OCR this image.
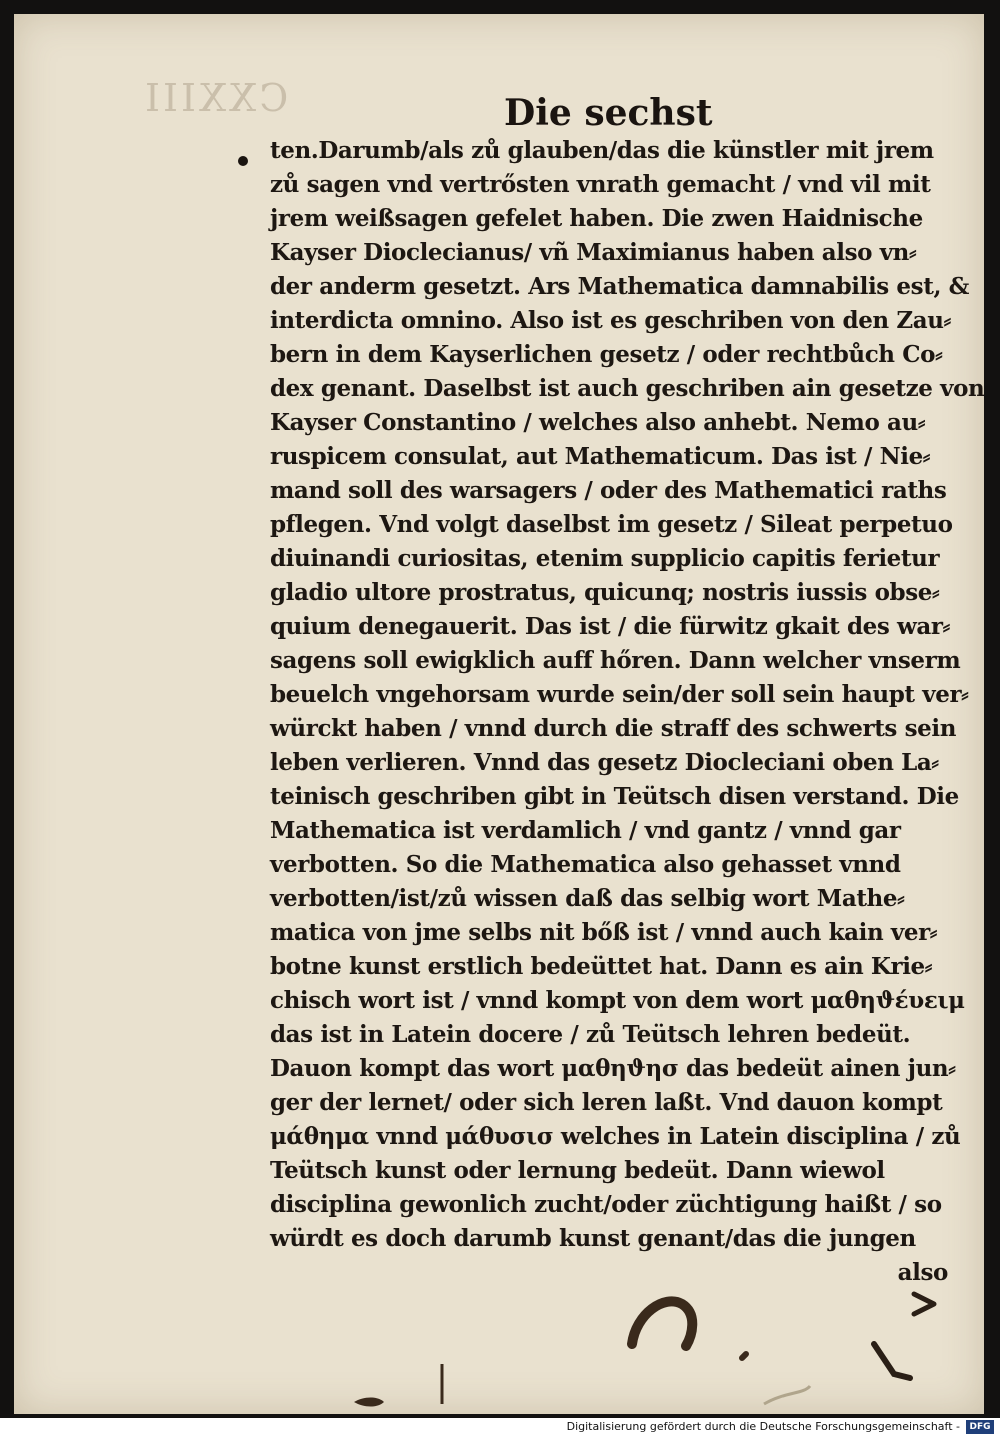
CXXIII	Die sechst
ten.Darumb/als zů glauben/das die künstler mit jrem
zů sagen vnd vertrősten vnrath gemacht / vnd vil mit
jrem weißsagen gefelet haben. Die zwen Haidnische
Kayser Dioclecianus/ vñ Maximianus haben also vn⸗
der anderm gesetzt. Ars Mathematica damnabilis est, &
interdicta omnino. Also ist es geschriben von den Zau⸗
bern in dem Kayserlichen gesetz / oder rechtbůch Co⸗
dex genant. Daselbst ist auch geschriben ain gesetze von
Kayser Constantino / welches also anhebt. Nemo au⸗
ruspicem consulat, aut Mathematicum. Das ist / Nie⸗
mand soll des warsagers / oder des Mathematici raths
pflegen. Vnd volgt daselbst im gesetz / Sileat perpetuo
diuinandi curiositas, etenim supplicio capitis ferietur
gladio ultore prostratus, quicunq; nostris iussis obse⸗
quium denegauerit. Das ist / die fürwitz gkait des war⸗
sagens soll ewigklich auff hőren. Dann welcher vnserm
beuelch vngehorsam wurde sein/der soll sein haupt ver⸗
würckt haben / vnnd durch die straff des schwerts sein
leben verlieren. Vnnd das gesetz Diocleciani oben La⸗
teinisch geschriben gibt in Teütsch disen verstand. Die
Mathematica ist verdamlich / vnd gantz / vnnd gar
verbotten. So die Mathematica also gehasset vnnd
verbotten/ist/zů wissen daß das selbig wort Mathe⸗
matica von jme selbs nit bőß ist / vnnd auch kain ver⸗
botne kunst erstlich bedeüttet hat. Dann es ain Krie⸗
chisch wort ist / vnnd kompt von dem wort μαθηϑέυειμ
das ist in Latein docere / zů Teütsch lehren bedeüt.
Dauon kompt das wort μαθηϑησ das bedeüt ainen jun⸗
ger der lernet/ oder sich leren laßt. Vnd dauon kompt
μάθημα vnnd μάθυσισ welches in Latein disciplina / zů
Teütsch kunst oder lernung bedeüt. Dann wiewol
disciplina gewonlich zucht/oder züchtigung haißt / so
würdt es doch darumb kunst genant/das die jungen
also
Digitalisierung gefördert durch die Deutsche Forschungsgemeinschaft -	DFG
